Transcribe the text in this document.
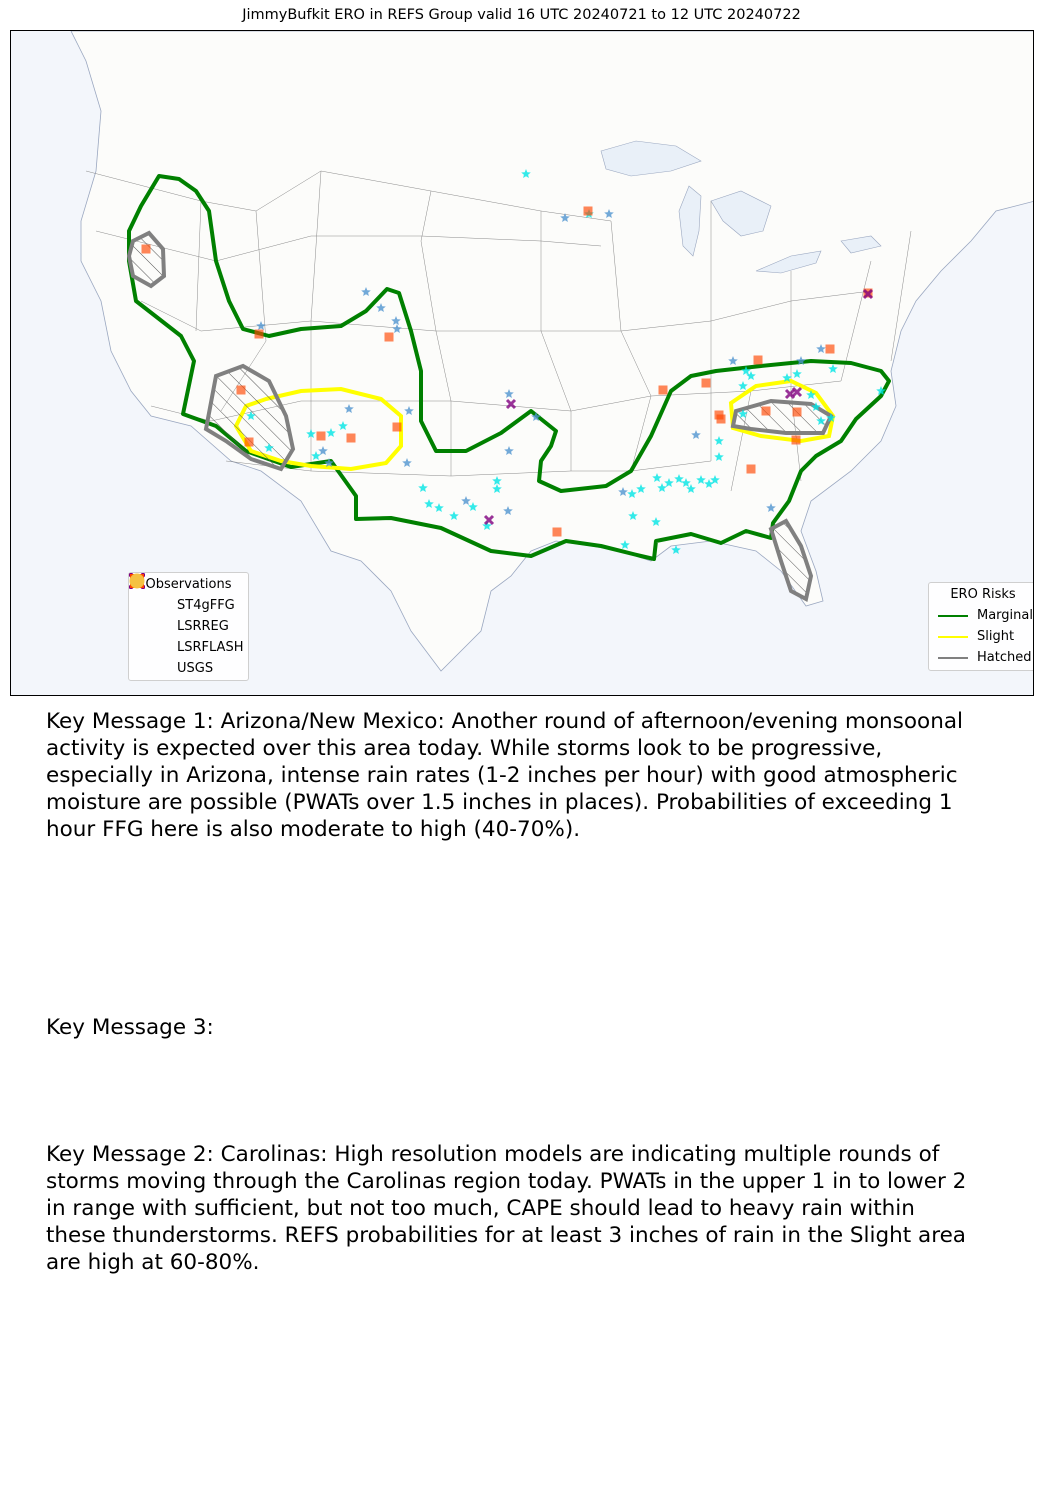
JimmyBufkit ERO in REFS Group valid 16 UTC 20240721 to 12 UTC 20240722
Observations
ST4gFFG
LSRREG
LSRFLASH
USGS
ERO Risks
Marginal
Slight
Hatched

Key Message 1: Arizona/New Mexico: Another round of afternoon/evening monsoonal activity is expected over this area today. While storms look to be progressive, especially in Arizona, intense rain rates (1-2 inches per hour) with good atmospheric moisture are possible (PWATs over 1.5 inches in places). Probabilities of exceeding 1 hour FFG here is also moderate to high (40-70%).

Key Message 3:

Key Message 2: Carolinas: High resolution models are indicating multiple rounds of storms moving through the Carolinas region today. PWATs in the upper 1 in to lower 2 in range with sufficient, but not too much, CAPE should lead to heavy rain within these thunderstorms. REFS probabilities for at least 3 inches of rain in the Slight area are high at 60-80%.
